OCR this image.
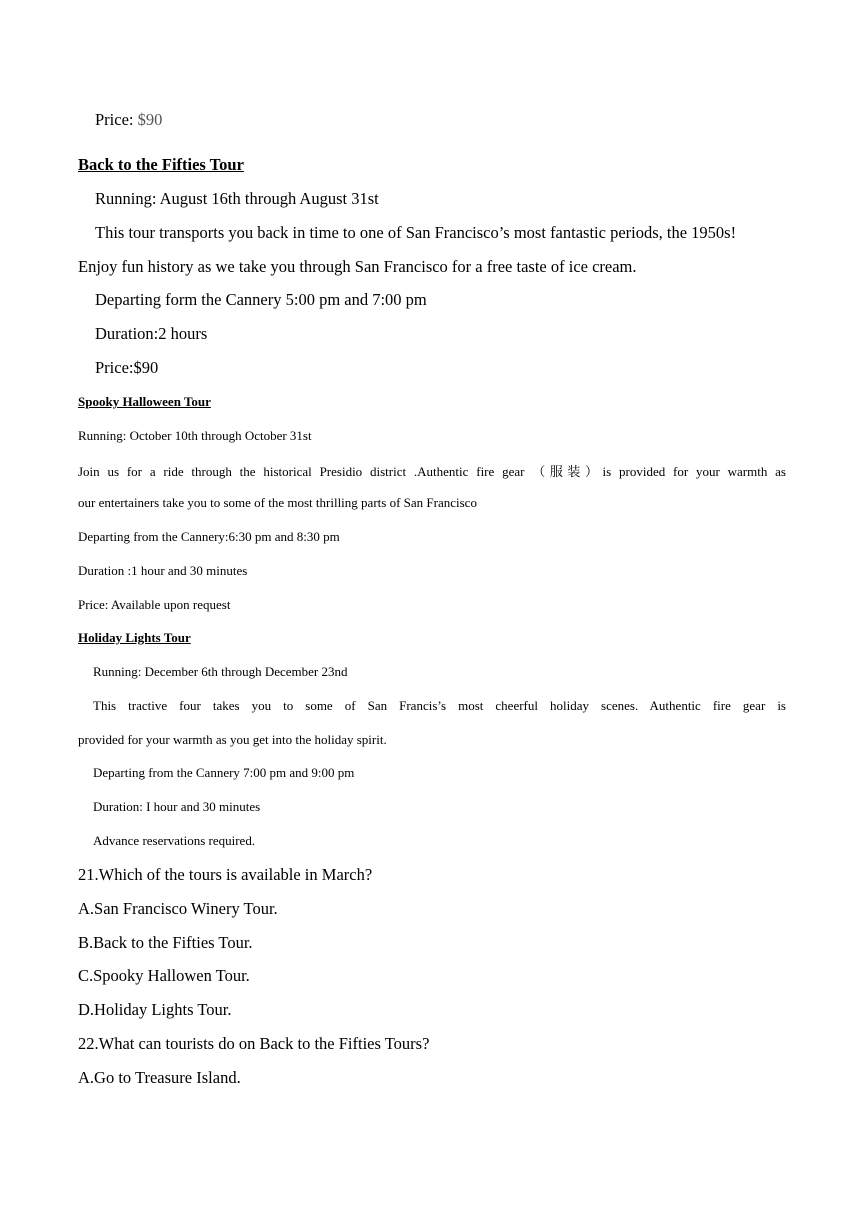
Price: $90
Back to the Fifties Tour
Running: August 16th through August 31st
This tour transports you back in time to one of San Francisco’s most fantastic periods, the 1950s!
Enjoy fun history as we take you through San Francisco for a free taste of ice cream.
Departing form the Cannery 5:00 pm and 7:00 pm
Duration:2 hours
Price:$90
Spooky Halloween Tour
Running: October 10th through October 31st
Join us for a ride through the historical Presidio district .Authentic fire gear （服装）is provided for your warmth as
our entertainers take you to some of the most thrilling parts of San Francisco
Departing from the Cannery:6:30 pm and 8:30 pm
Duration :1 hour and 30 minutes
Price: Available upon request
Holiday Lights Tour
Running: December 6th through December 23nd
This tractive four takes you to some of San Francis’s most cheerful holiday scenes. Authentic fire gear is
provided for your warmth as you get into the holiday spirit.
Departing from the Cannery 7:00 pm and 9:00 pm
Duration: I hour and 30 minutes
Advance reservations required.
21.Which of the tours is available in March?
A.San Francisco Winery Tour.
B.Back to the Fifties Tour.
C.Spooky Hallowen Tour.
D.Holiday Lights Tour.
22.What can tourists do on Back to the Fifties Tours?
A.Go to Treasure Island.
